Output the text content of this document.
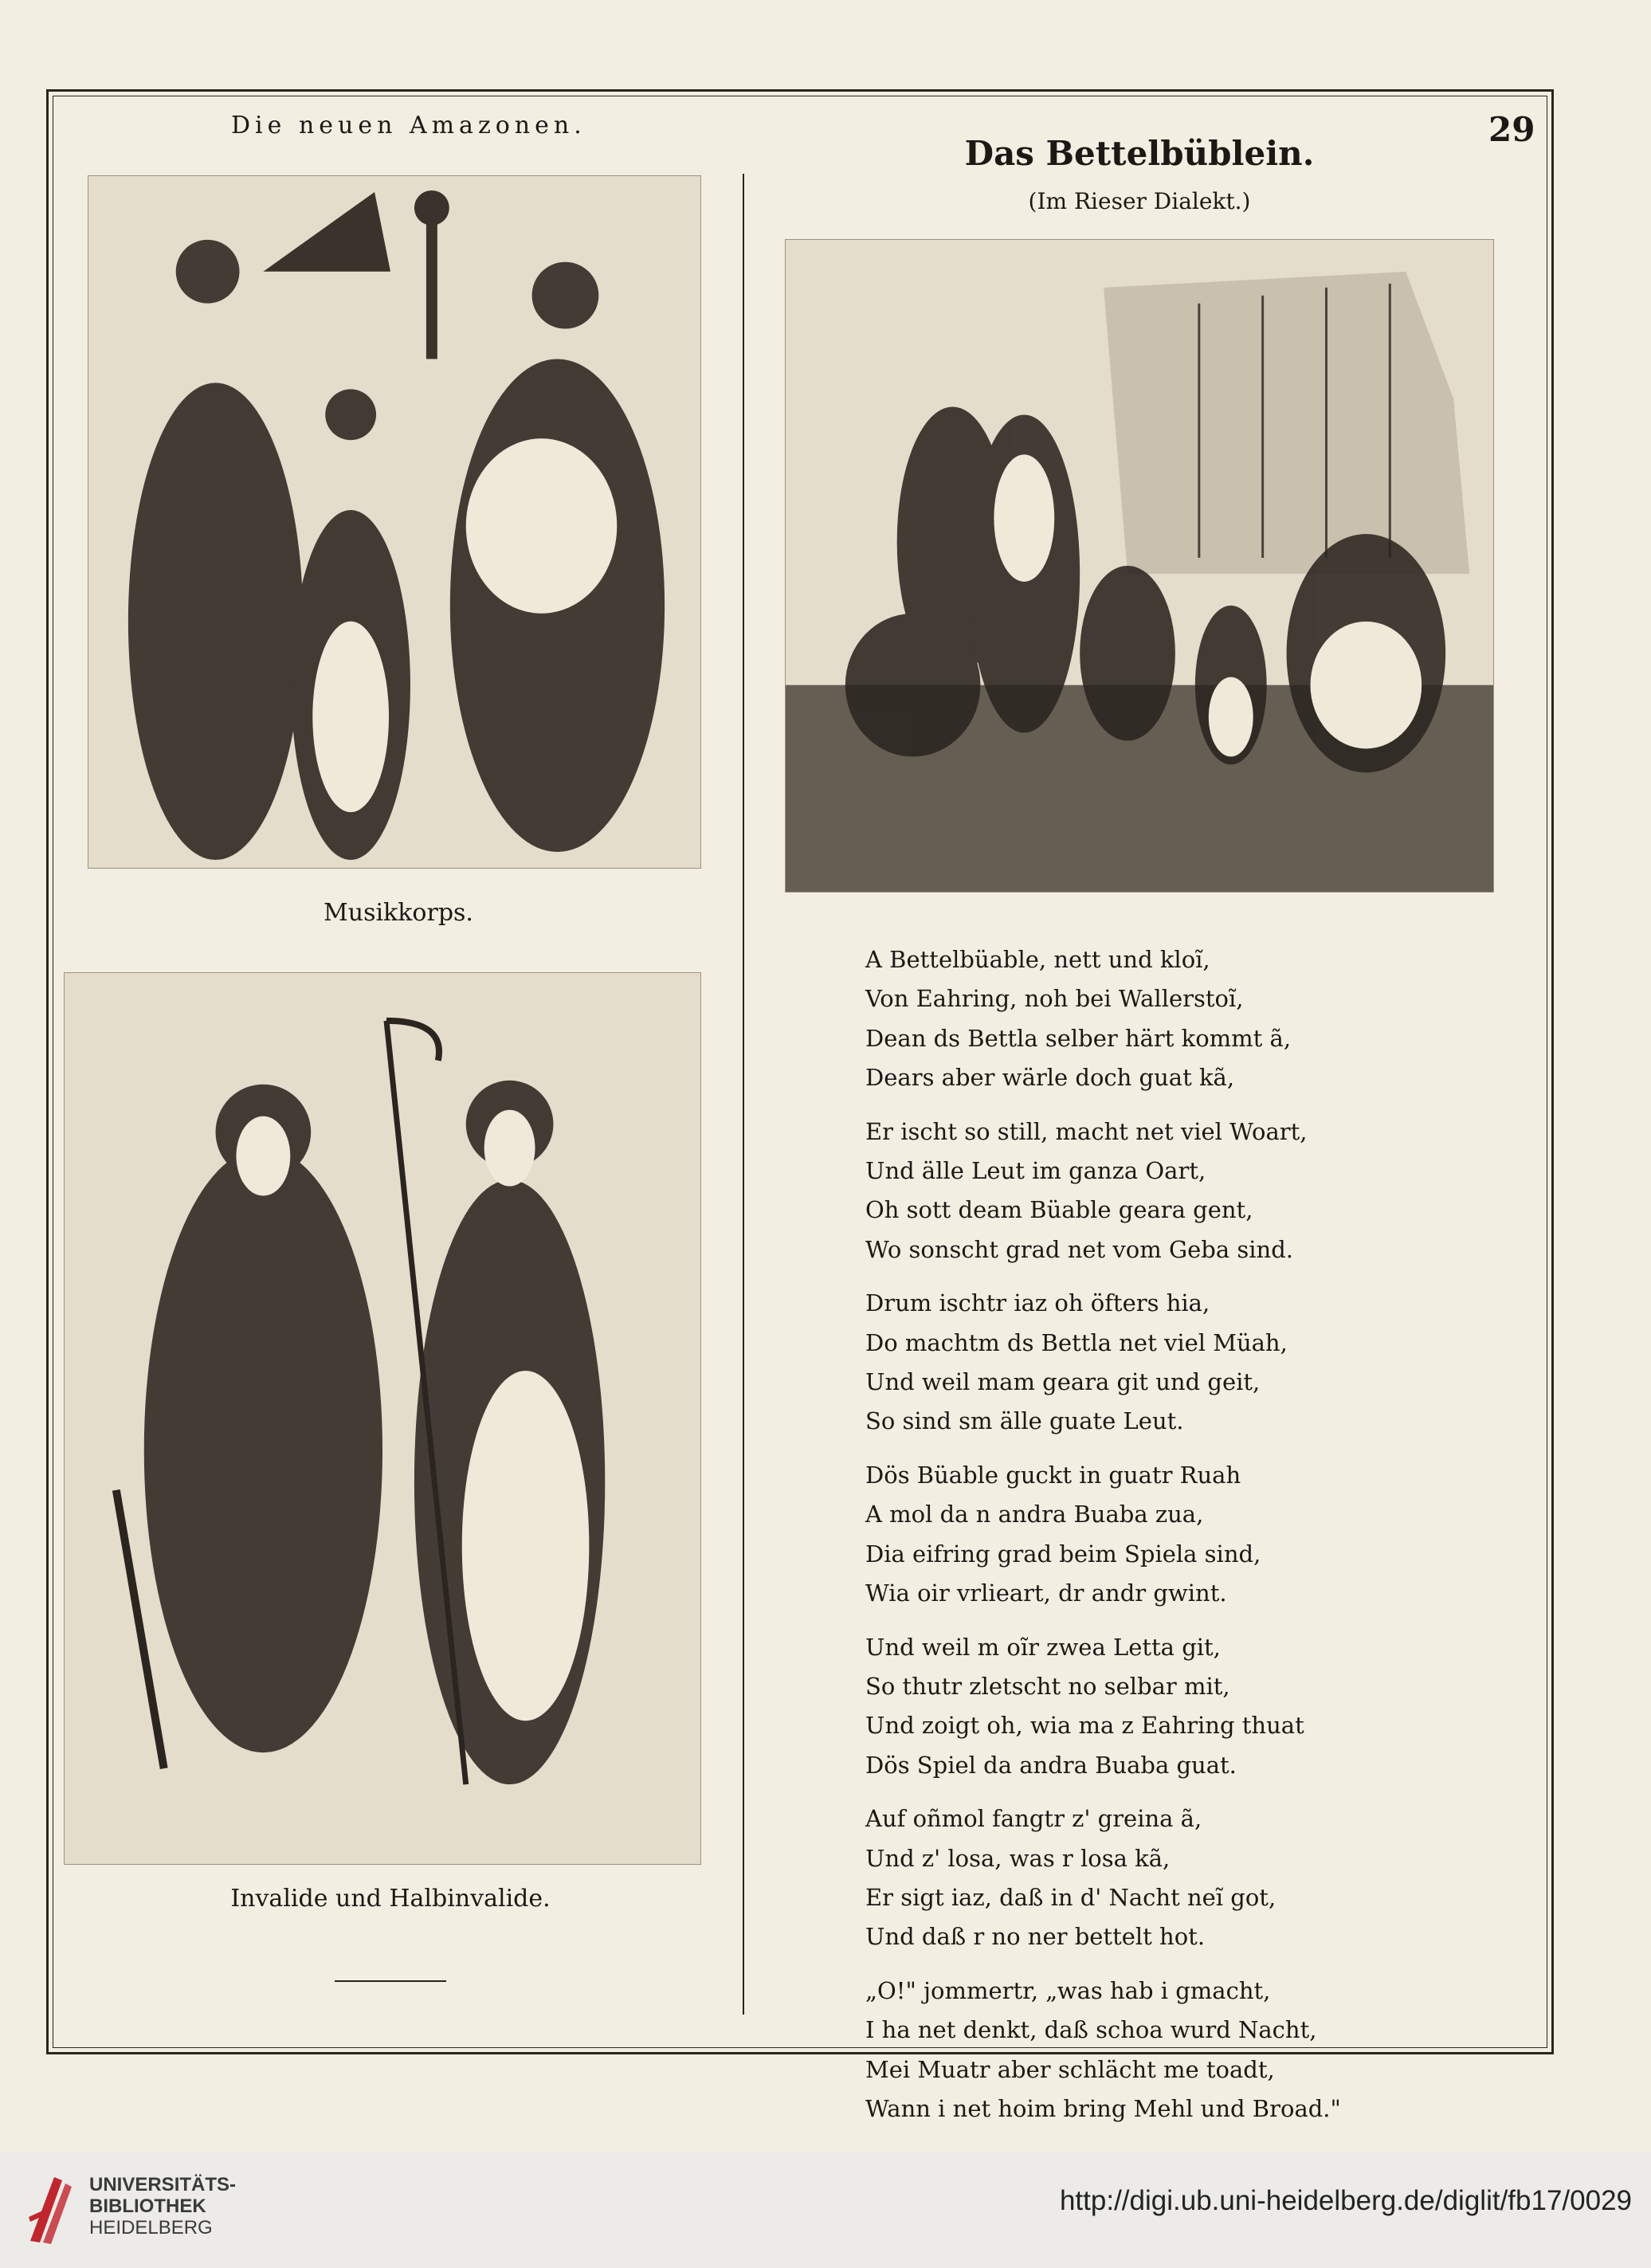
Die neuen Amazonen.	29
Das Bettelbüblein.
(Im Rieser Dialekt.)
Musikkorps.
Invalide und Halbinvalide.
A Bettelbüable, nett und kloĩ,
Von Eahring, noh bei Wallerstoĩ,
Dean ds Bettla selber härt kommt ã,
Dears aber wärle doch guat kã,
Er ischt so still, macht net viel Woart,
Und älle Leut im ganza Oart,
Oh sott deam Büable geara gent,
Wo sonscht grad net vom Geba sind.
Drum ischtr iaz oh öfters hia,
Do machtm ds Bettla net viel Müah,
Und weil mam geara git und geit,
So sind sm älle guate Leut.
Dös Büable guckt in guatr Ruah
A mol da n andra Buaba zua,
Dia eifring grad beim Spiela sind,
Wia oir vrlieart, dr andr gwint.
Und weil m oĩr zwea Letta git,
So thutr zletscht no selbar mit,
Und zoigt oh, wia ma z Eahring thuat
Dös Spiel da andra Buaba guat.
Auf oñmol fangtr z' greina ã,
Und z' losa, was r losa kã,
Er sigt iaz, daß in d' Nacht neĩ got,
Und daß r no ner bettelt hot.
„O!" jommertr, „was hab i gmacht,
I ha net denkt, daß schoa wurd Nacht,
Mei Muatr aber schlächt me toadt,
Wann i net hoim bring Mehl und Broad."
UNIVERSITÄTS-
BIBLIOTHEK
HEIDELBERG
http://digi.ub.uni-heidelberg.de/diglit/fb17/0029
